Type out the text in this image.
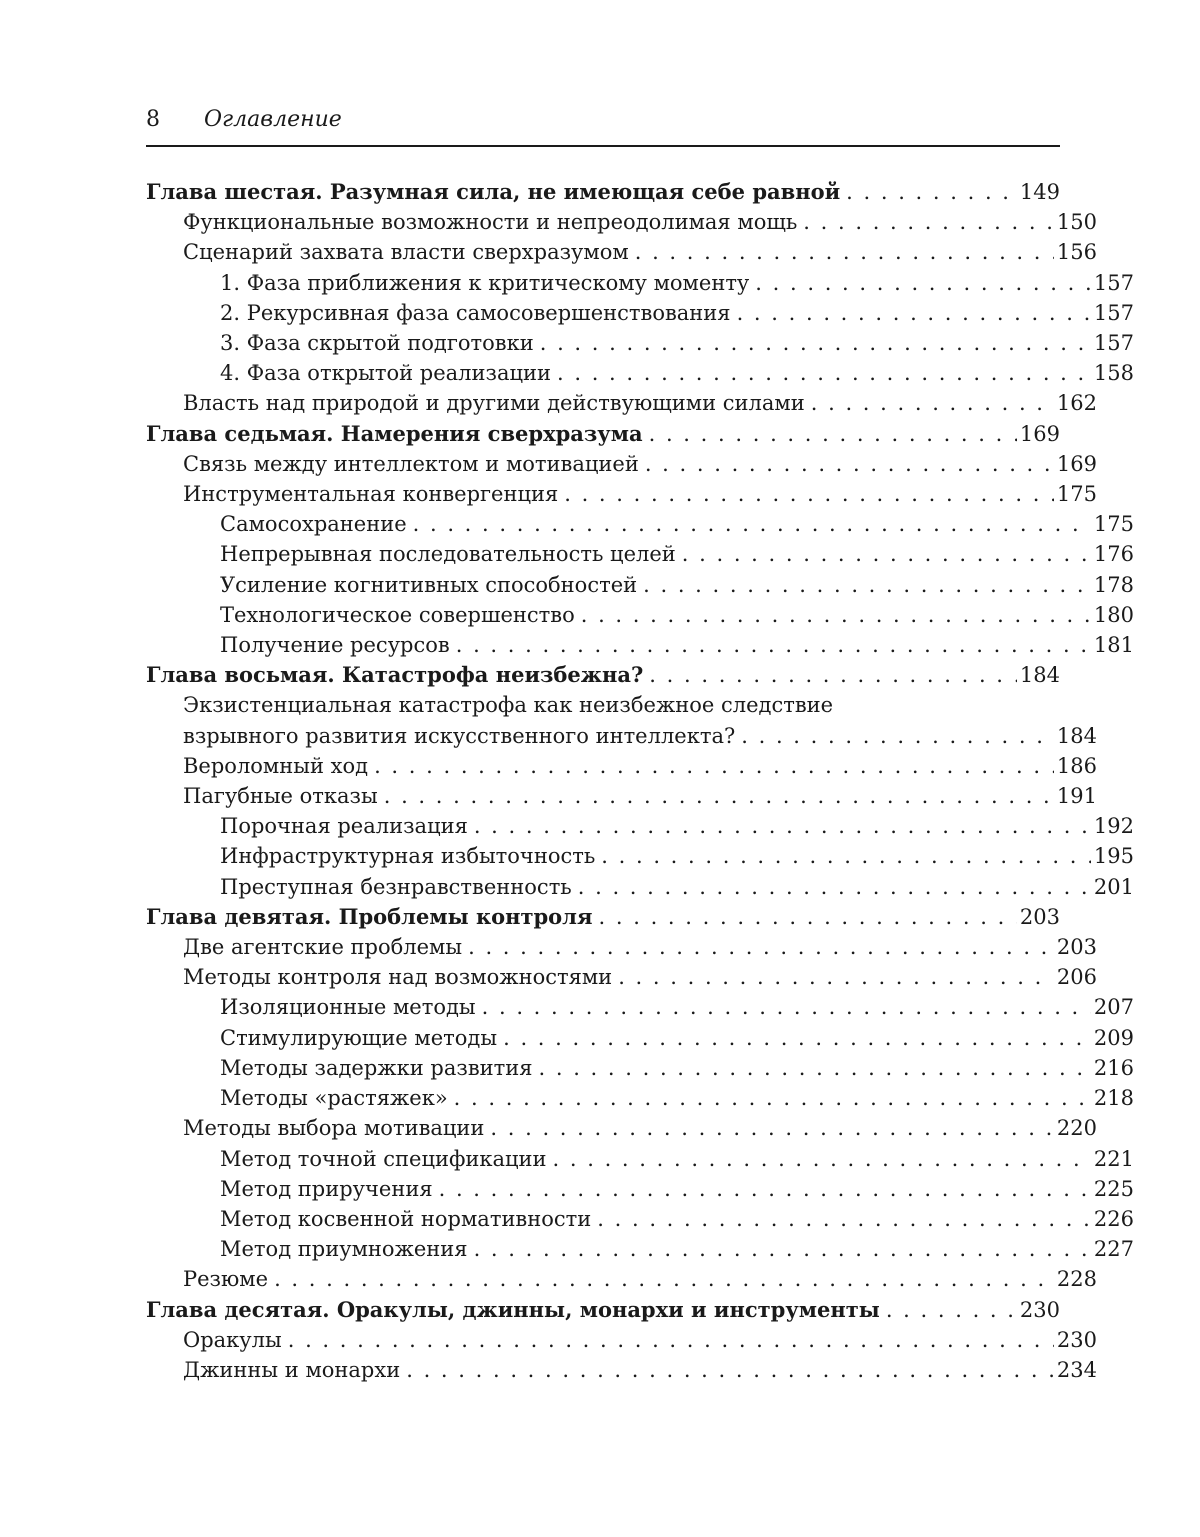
8 Оглавление
Глава шестая. Разумная сила, не имеющая себе равной . . .	149
Функциональные возможности и непреодолимая мощь . . .	150
Сценарий захвата власти сверхразумом . . .	156
1. Фаза приближения к критическому моменту . . .	157
2. Рекурсивная фаза самосовершенствования . . .	157
3. Фаза скрытой подготовки . . .	157
4. Фаза открытой реализации . . .	158
Власть над природой и другими действующими силами . . .	162
Глава седьмая. Намерения сверхразума . . .	169
Связь между интеллектом и мотивацией . . .	169
Инструментальная конвергенция . . .	175
Самосохранение . . .	175
Непрерывная последовательность целей . . .	176
Усиление когнитивных способностей . . .	178
Технологическое совершенство . . .	180
Получение ресурсов . . .	181
Глава восьмая. Катастрофа неизбежна? . . .	184
Экзистенциальная катастрофа как неизбежное следствие
взрывного развития искусственного интеллекта? . . .	184
Вероломный ход . . .	186
Пагубные отказы . . .	191
Порочная реализация . . .	192
Инфраструктурная избыточность . . .	195
Преступная безнравственность . . .	201
Глава девятая. Проблемы контроля . . .	203
Две агентские проблемы . . .	203
Методы контроля над возможностями . . .	206
Изоляционные методы . . .	207
Стимулирующие методы . . .	209
Методы задержки развития . . .	216
Методы «растяжек» . . .	218
Методы выбора мотивации . . .	220
Метод точной спецификации . . .	221
Метод приручения . . .	225
Метод косвенной нормативности . . .	226
Метод приумножения . . .	227
Резюме . . .	228
Глава десятая. Оракулы, джинны, монархи и инструменты . . .	230
Оракулы . . .	230
Джинны и монархи . . .	234
